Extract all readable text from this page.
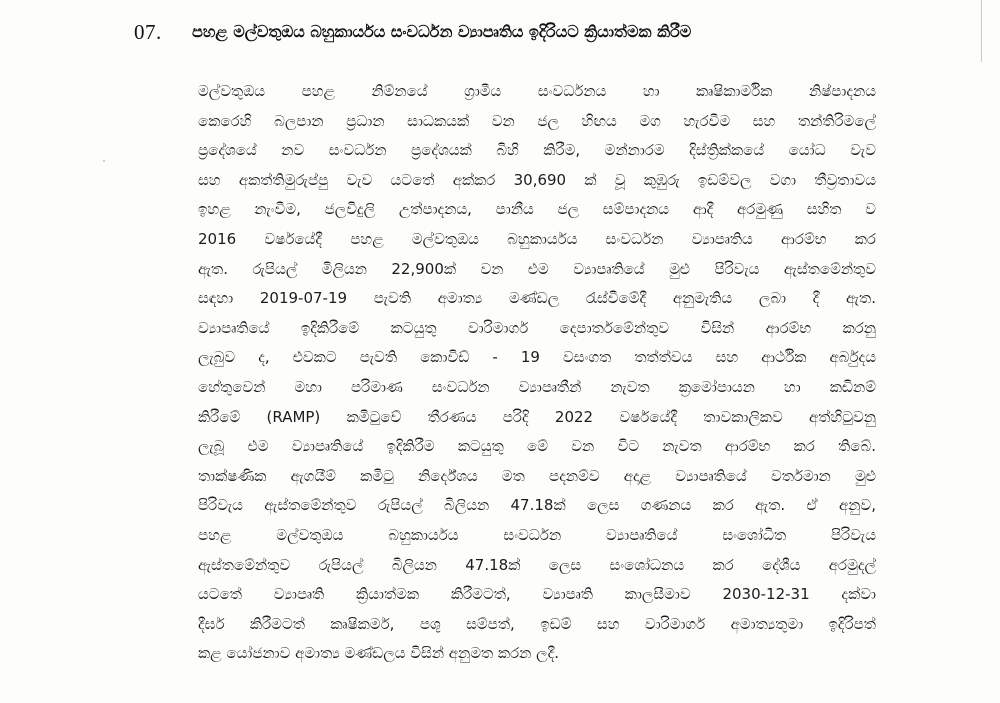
07. පහළ මල්වතුඔය බහුකාර්යය සංවර්ධන ව්‍යාපෘතිය ඉදිරියට ක්‍රියාත්මක කිරීම
මල්වතුඔය පහළ නිම්නයේ ග්‍රාමීය සංවර්ධනය හා කෘෂිකාර්මික නිෂ්පාදනය
කෙරෙහි බලපාන ප්‍රධාන සාධකයක් වන ජල හිඟය මග හැරවීම සහ තන්තිරිමලේ
ප්‍රදේශයේ නව සංවර්ධන ප්‍රදේශයක් බිහි කිරීම, මන්නාරම දිස්ත්‍රික්කයේ යෝධ වැව
සහ අකත්තිමුරුප්පු වැව යටතේ අක්කර 30,690 ක් වූ කුඹුරු ඉඩම්වල වගා තීව්‍රතාවය
ඉහළ නැංවීම, ජලවිදුලි උත්පාදනය, පානීය ජල සම්පාදනය ආදී අරමුණු සහිත ව
2016 වර්ෂයේදී පහළ මල්වතුඔය බහුකාර්යය සංවර්ධන ව්‍යාපෘතිය ආරම්භ කර
ඇත. රුපියල් මිලියන 22,900ක් වන එම ව්‍යාපෘතියේ මුළු පිරිවැය ඇස්තමේන්තුව
සඳහා 2019-07-19 පැවති අමාත්‍ය මණ්ඩල රැස්වීමේදී අනුමැතිය ලබා දී ඇත.
ව්‍යාපෘතියේ ඉදිකිරීමේ කටයුතු වාරිමාර්ග දෙපාර්තමේන්තුව විසින් ආරම්භ කරනු
ලැබුව ද, එවකට පැවති කොවිඩ් - 19 වසංගත තත්ත්වය සහ ආර්ථික අර්බුදය
හේතුවෙන් මහා පරිමාණ සංවර්ධන ව්‍යාපෘතීන් නැවත ක්‍රමෝපායන හා කඩිනම්
කිරීමේ (RAMP) කමිටුවේ තීරණය පරිදි 2022 වර්ෂයේදී තාවකාලිකව අත්හිටුවනු
ලැබූ එම ව්‍යාපෘතියේ ඉදිකිරීම කටයුතු මේ වන විට නැවත ආරම්භ කර තිබේ.
තාක්ෂණික ඇගයීම් කමිටු නිර්දේශය මත පදනම්ව අදාළ ව්‍යාපෘතියේ වර්තමාන මුළු
පිරිවැය ඇස්තමේන්තුව රුපියල් බිලියන 47.18ක් ලෙස ගණනය කර ඇත. ඒ අනුව,
පහළ මල්වතුඔය බහුකාර්යය සංවර්ධන ව්‍යාපෘතියේ සංශෝධිත පිරිවැය
ඇස්තමේන්තුව රුපියල් බිලියන 47.18ක් ලෙස සංශෝධනය කර දේශීය අරමුදල්
යටතේ ව්‍යාපෘති ක්‍රියාත්මක කිරීමටත්, ව්‍යාපෘති කාලසීමාව 2030-12-31 දක්වා
දීර්ඝ කිරීමටත් කෘෂිකර්ම, පශු සම්පත්, ඉඩම් සහ වාරිමාර්ග අමාත්‍යතුමා ඉදිරිපත්
කළ යෝජනාව අමාත්‍ය මණ්ඩලය විසින් අනුමත කරන ලදී.
